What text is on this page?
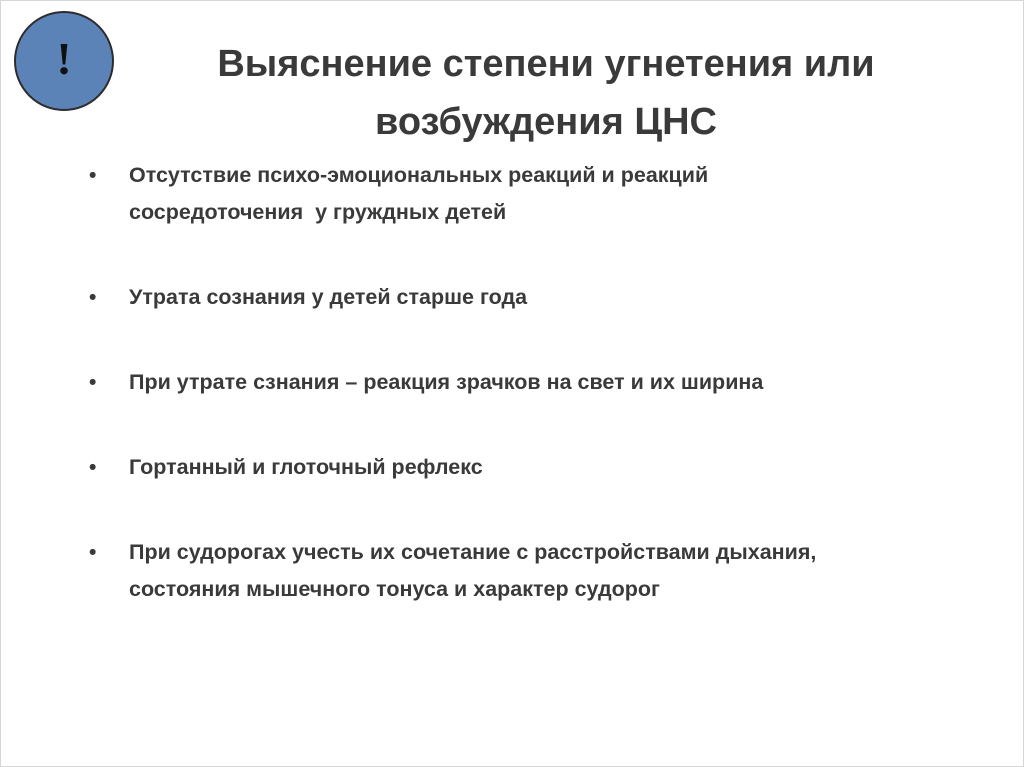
!	Выяснение степени угнетения или
возбуждения ЦНС
• Отсутствие психо-эмоциональных реакций и реакций
сосредоточения  у груждных детей
• Утрата сознания у детей старше года
• При утрате сзнания – реакция зрачков на свет и их ширина
• Гортанный и глоточный рефлекс
• При судорогах учесть их сочетание с расстройствами дыхания,
состояния мышечного тонуса и характер судорог
